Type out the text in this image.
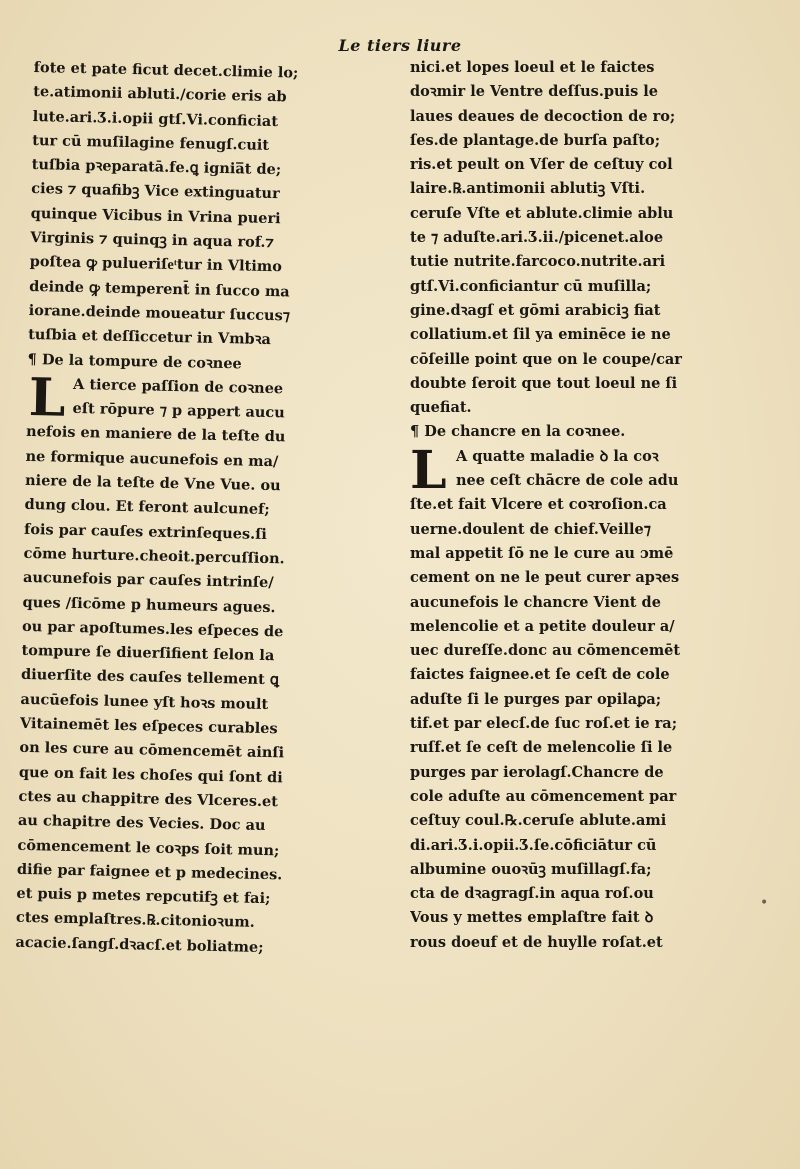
Le tiers liure
fote et pate ficut decet.climie lo;
te.atimonii abluti./corie eris ab
lute.ari.Ʒ.i.opii gtſ.Vi.conficiat
tur cū muſilagine fenugſ.cuit
tuſbia pꝛeparatā.fe.ꝗ ignia̅t de;
cies ⁊ quafibꝫ Vice extinguatur
quinque Vicibus in Vrina pueri
Virginis ⁊ quinqꝫ in aqua rof.⁊
poſtea ꝙ pulueriſeͭtur in Vltimo
deinde ꝙ temperent̄ in ſucco ma
iorane.deinde moueatur ſuccus⁊
tuſbia et deſſiccetur in Vmbꝛa
¶ De la tompure de coꝛnee
L A tierce paſſion de coꝛnee
eſt rōpure ⁊ p appert aucu
nefois en maniere de la teſte du
ne formique aucunefois en ma/
niere de la teſte de Vne Vue. ou
dung clou. Et feront aulcunef;
fois par cauſes extrinſeques.ſi
cōme hurture.cheoit.percuſſion.
aucunefois par cauſes intrinſe/
ques /ſicōme p humeurs agues.
ou par apoſtumes.les eſpeces de
tompure ſe diuerſifient ſelon la
diuerſite des cauſes tellement ꝗ
aucūefois lunee yſt hoꝛs moult
Vitainemēt les eſpeces curables
on les cure au cōmencemēt ainſi
que on fait les choſes qui ſont di
ctes au chappitre des Vlceres.et
au chapitre des Vecies. Doc au
cōmencement le coꝛps ſoit mun;
difie par faignee et p medecines.
et puis p metes repcutifꝫ et fai;
ctes emplaſtres.℞.citonioꝛum.
acacie.ſangſ.dꝛacſ.et boliatme;
nici.et lopes loeul et le faictes
doꝛmir le Ventre deſſus.puis le
laues deaues de decoction de ro;
ſes.de plantage.de burſa paſto;
ris.et peult on Vſer de ceſtuy col
laire.℞.antimonii ablutiꝫ Vſti.
ceruſe Vſte et ablute.climie ablu
te ⁊ aduſte.ari.Ʒ.ii./picenet.aloe
tutie nutrite.farcoco.nutrite.ari
gtſ.Vi.conficiantur cū muſilla;
gine.dꝛagſ et gōmi arabiciꝫ fiat
collatium.et ſil ya eminēce ie ne
cōſeille point que on le coupe/car
doubte ſeroit que tout loeul ne ſi
quefiat.
¶ De chancre en la coꝛnee.
L A quatte maladie ꝺ la coꝛ
nee ceſt chācre de cole adu
ſte.et fait Vlcere et coꝛroſion.ca
uerne.doulent de chief.Veille⁊
mal appetit ſō ne le cure au ɔmē
cement on ne le peut curer apꝛes
aucunefois le chancre Vient de
melencolie et a petite douleur a/
uec dureſſe.donc au cōmencemēt
faictes faignee.et ſe ceſt de cole
aduſte ſi le purges par opilaꝑa;
tif.et par elecſ.de ſuc roſ.et ie ra;
ruſf.et ſe ceſt de melencolie ſi le
purges par ierolagſ.Chancre de
cole aduſte au cōmencement par
ceſtuy coul.℞.ceruſe ablute.ami
di.ari.Ʒ.i.opii.Ʒ.ſe.cōficiātur cū
albumine ouoꝛūꝫ muſillagſ.fa;
cta de dꝛagragſ.in aqua roſ.ou
Vous y mettes emplaſtre fait ꝺ
rous doeuf et de huylle roſat.et
•
